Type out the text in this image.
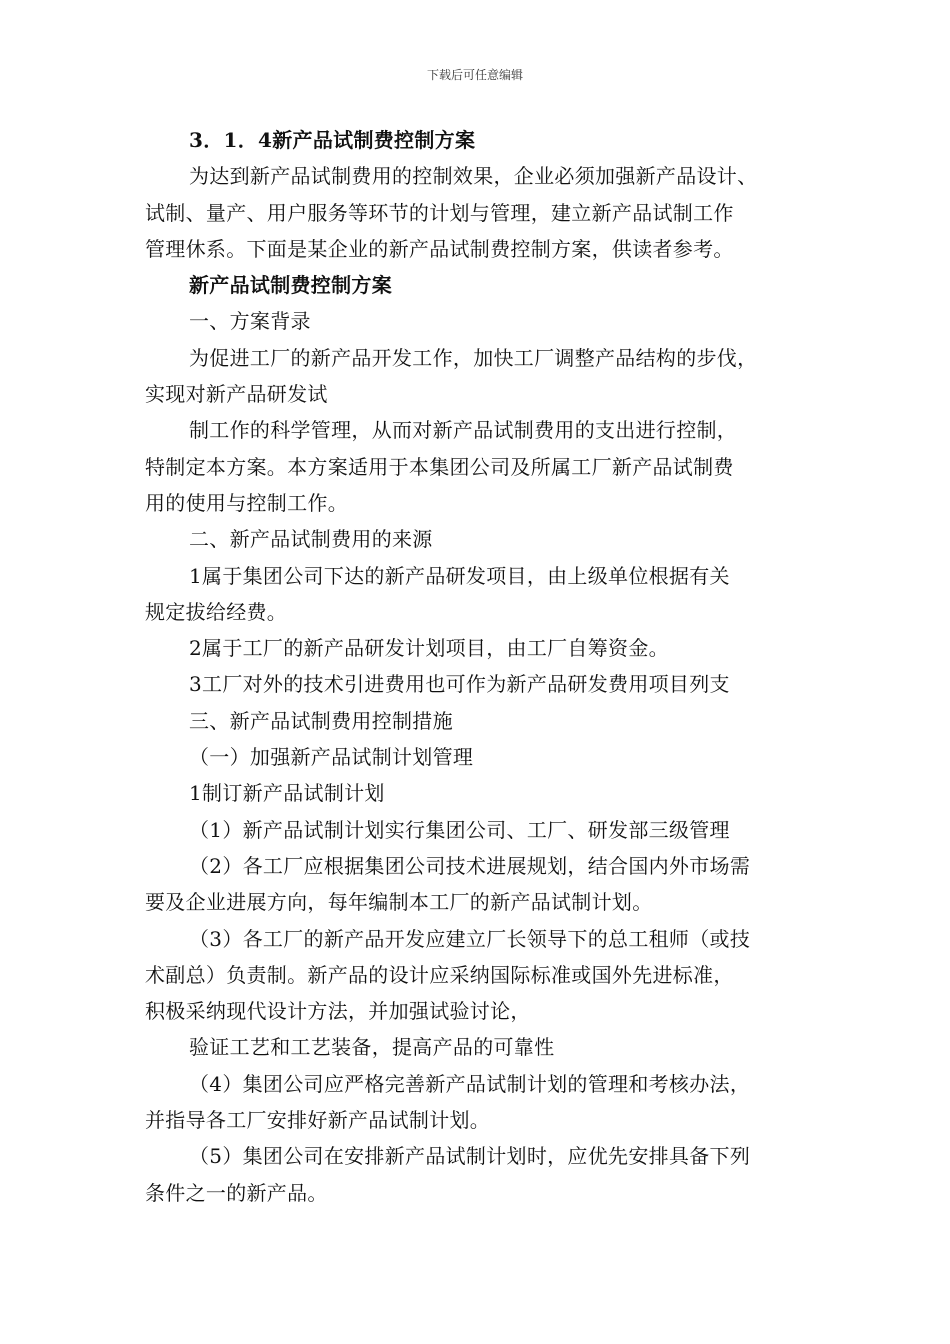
下载后可任意编辑
3．1．4新产品试制费控制方案
为达到新产品试制费用的控制效果，企业必须加强新产品设计、
试制、量产、用户服务等环节的计划与管理，建立新产品试制工作
管理休系。下面是某企业的新产品试制费控制方案，供读者参考。
新产品试制费控制方案
一、方案背录
为促进工厂的新产品开发工作，加快工厂调整产品结构的步伐，
实现对新产品研发试
制工作的科学管理，从而对新产品试制费用的支出进行控制，
特制定本方案。本方案适用于本集团公司及所属工厂新产品试制费
用的使用与控制工作。
二、新产品试制费用的来源
1属于集团公司下达的新产品研发项目，由上级单位根据有关
规定拔给经费。
2属于工厂的新产品研发计划项目，由工厂自筹资金。
3工厂对外的技术引进费用也可作为新产品研发费用项目列支
三、新产品试制费用控制措施
（一）加强新产品试制计划管理
1制订新产品试制计划
（1）新产品试制计划实行集团公司、工厂、研发部三级管理
（2）各工厂应根据集团公司技术进展规划，结合国内外市场需
要及企业进展方向，每年编制本工厂的新产品试制计划。
（3）各工厂的新产品开发应建立厂长领导下的总工租师（或技
术副总）负责制。新产品的设计应采纳国际标准或国外先进标准，
积极采纳现代设计方法，并加强试验讨论，
验证工艺和工艺装备，提高产品的可靠性
（4）集团公司应严格完善新产品试制计划的管理和考核办法，
并指导各工厂安排好新产品试制计划。
（5）集团公司在安排新产品试制计划时，应优先安排具备下列
条件之一的新产品。
